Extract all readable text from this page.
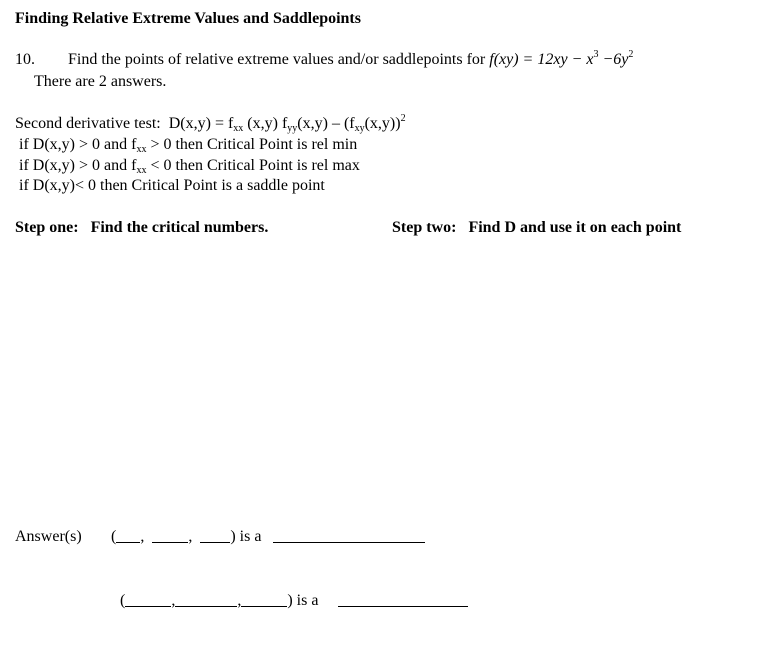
Finding Relative Extreme Values and Saddlepoints
10. Find the points of relative extreme values and/or saddlepoints for $f(xy) = 12xy - x^3 -6y^2$
There are 2 answers.
Second derivative test: $D(x,y) = f_{xx}$ (x,y) $f_{yy}(x,y) - (f_{xy}(x,y))^2$
if D(x,y) > 0 and $f_{xx} > 0$ then Critical Point is rel min
if D(x,y) > 0 and $f_{xx} < 0$ then Critical Point is rel max
if D(x,y)< 0 then Critical Point is a saddle point
Step one: Find the critical numbers.	Step two: Find D and use it on each point
Answer(s) ( ,	, ) is a
(	,	,	) is a
